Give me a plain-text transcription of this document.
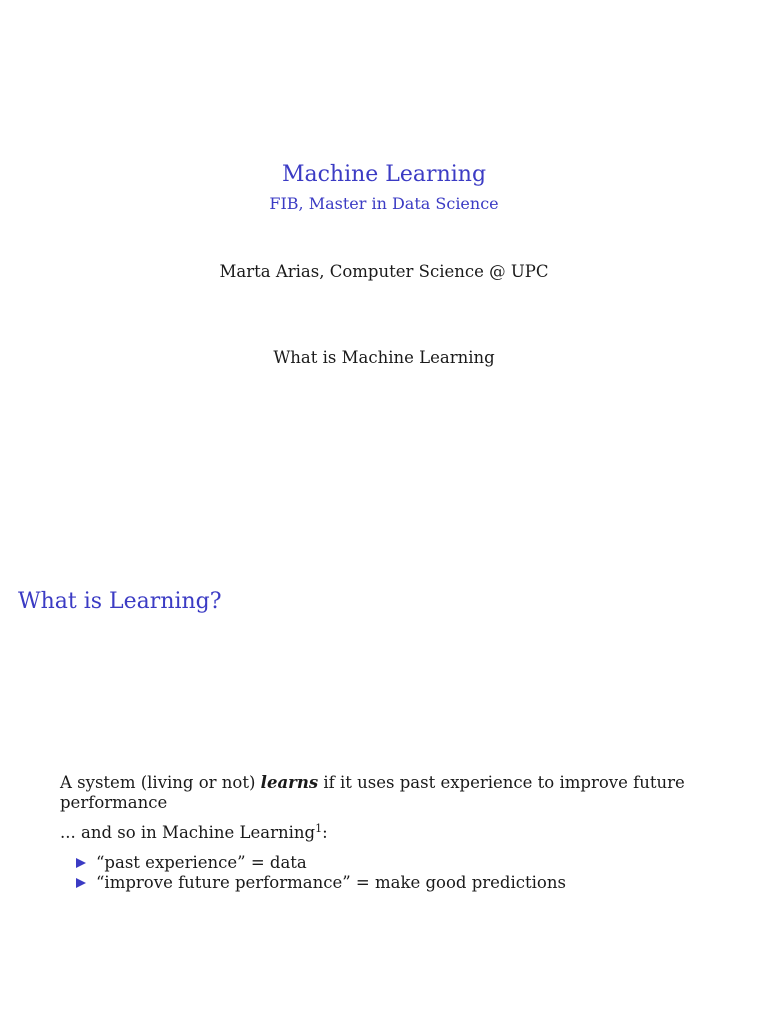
Machine Learning
FIB, Master in Data Science
Marta Arias, Computer Science @ UPC
What is Machine Learning
What is Learning?

A system (living or not) learns if it uses past experience to improve future performance

... and so in Machine Learning$^1$:

“past experience” = data
“improve future performance” = make good predictions
